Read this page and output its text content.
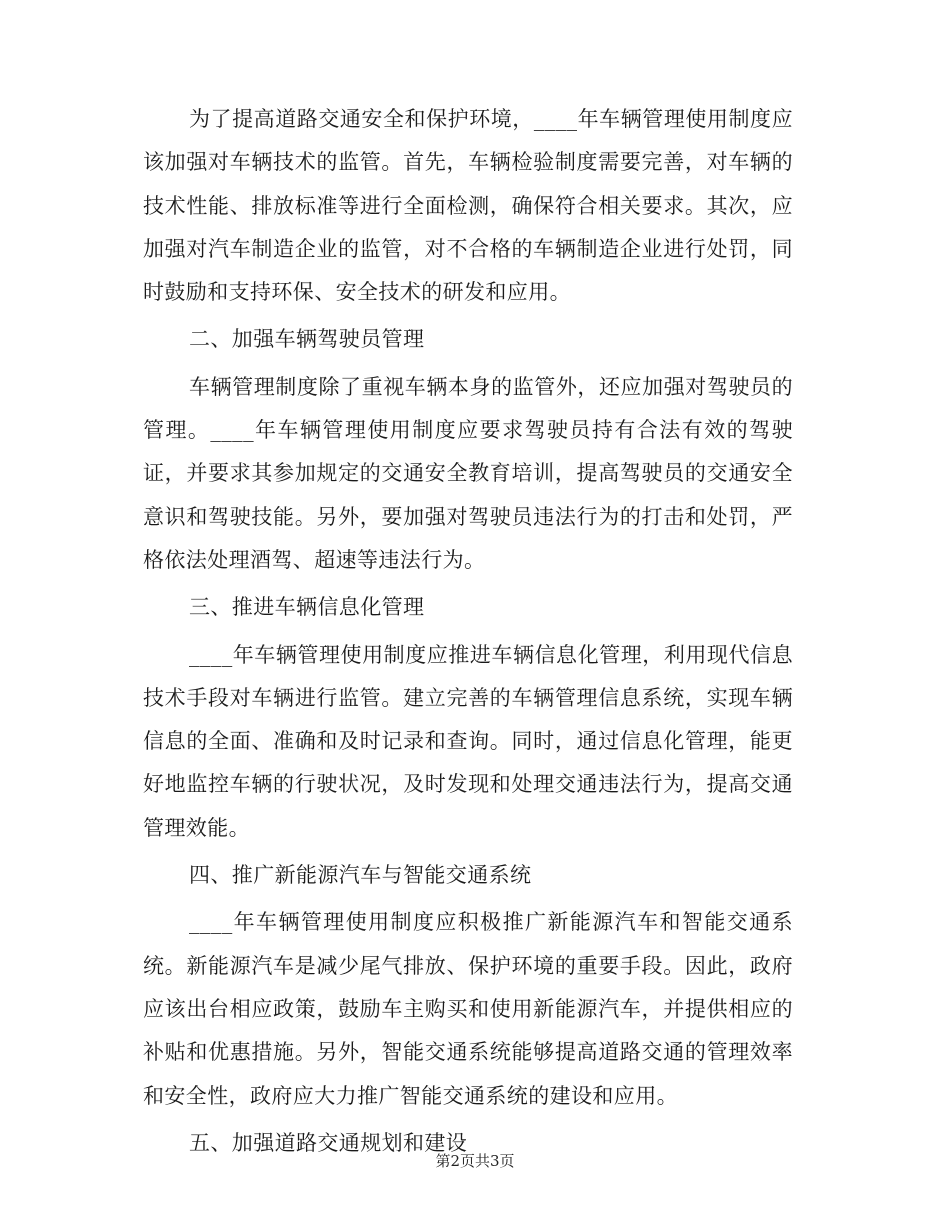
为了提高道路交通安全和保护环境，____年车辆管理使用制度应该加强对车辆技术的监管。首先，车辆检验制度需要完善，对车辆的技术性能、排放标准等进行全面检测，确保符合相关要求。其次，应加强对汽车制造企业的监管，对不合格的车辆制造企业进行处罚，同时鼓励和支持环保、安全技术的研发和应用。

二、加强车辆驾驶员管理

车辆管理制度除了重视车辆本身的监管外，还应加强对驾驶员的管理。____年车辆管理使用制度应要求驾驶员持有合法有效的驾驶证，并要求其参加规定的交通安全教育培训，提高驾驶员的交通安全意识和驾驶技能。另外，要加强对驾驶员违法行为的打击和处罚，严格依法处理酒驾、超速等违法行为。

三、推进车辆信息化管理

____年车辆管理使用制度应推进车辆信息化管理，利用现代信息技术手段对车辆进行监管。建立完善的车辆管理信息系统，实现车辆信息的全面、准确和及时记录和查询。同时，通过信息化管理，能更好地监控车辆的行驶状况，及时发现和处理交通违法行为，提高交通管理效能。

四、推广新能源汽车与智能交通系统

____年车辆管理使用制度应积极推广新能源汽车和智能交通系统。新能源汽车是减少尾气排放、保护环境的重要手段。因此，政府应该出台相应政策，鼓励车主购买和使用新能源汽车，并提供相应的补贴和优惠措施。另外，智能交通系统能够提高道路交通的管理效率和安全性，政府应大力推广智能交通系统的建设和应用。

五、加强道路交通规划和建设

第2页共3页
